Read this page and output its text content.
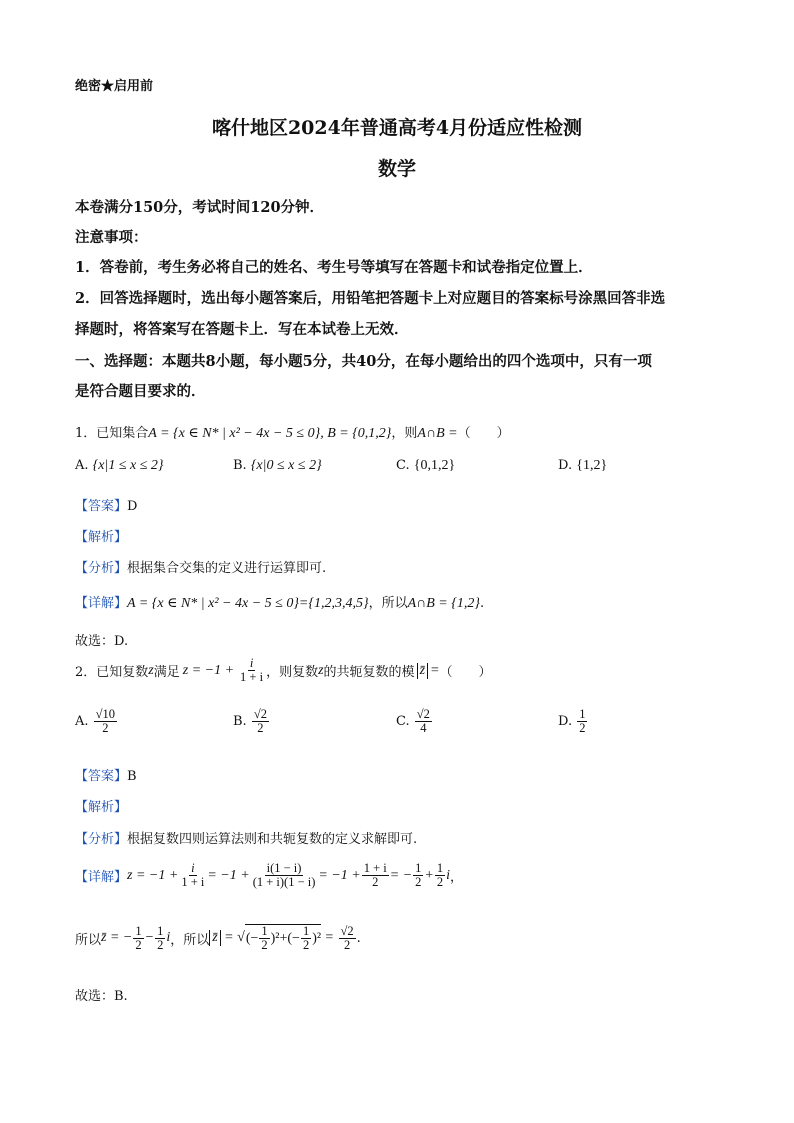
绝密★启用前
喀什地区2024年普通高考4月份适应性检测
数学
本卷满分150分，考试时间120分钟．
注意事项：
1．答卷前，考生务必将自己的姓名、考生号等填写在答题卡和试卷指定位置上．
2．回答选择题时，选出每小题答案后，用铅笔把答题卡上对应题目的答案标号涂黑回答非选
择题时，将答案写在答题卡上．写在本试卷上无效．
一、选择题：本题共8小题，每小题5分，共40分，在每小题给出的四个选项中，只有一项
是符合题目要求的．
1．已知集合A = {x ∈ N* | x² − 4x − 5 ≤ 0}, B = {0,1,2}，则A∩B =（　　）
A. {x|1 ≤ x ≤ 2}	B. {x|0 ≤ x ≤ 2}	C. {0,1,2}	D. {1,2}
【答案】D
【解析】
【分析】根据集合交集的定义进行运算即可.
【详解】A = {x ∈ N* | x² − 4x − 5 ≤ 0}={1,2,3,4,5}，所以A∩B = {1,2}.
故选：D.
2．已知复数 z 满足 $z = -1 + \frac{i}{1 + i}$ ，则复数 z 的共轭复数的模 z̄ = （　　）
A.
$\frac{√10}{2}$	B.
$\frac{√2}{2}$	C.
$\frac{√2}{4}$	D.
$\frac{1}{2}$
【答案】B
【解析】
【分析】根据复数四则运算法则和共轭复数的定义求解即可.
【详解】 $z = -1 + \frac{i}{1 + i} = -1 + \frac{i(1 - i)}{(1 + i)(1 - i)} = -1 + \frac{1 + i}{2}$ = − $\frac{1}{2} + \frac{1}{2}$ i ，
所以 z̄ = − $\frac{1}{2} - \frac{1}{2}$ i ，所以 z̄ = √ (− $\frac{1}{2} )^2+(- \frac{1}{2} )^2 = \frac{√2}{2}$ .
故选：B.
